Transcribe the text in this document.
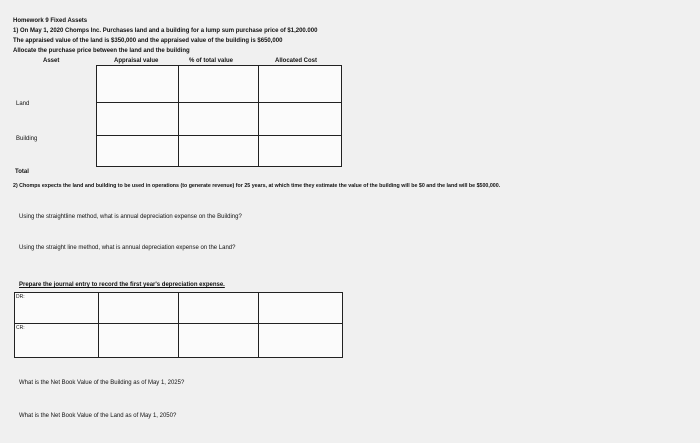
Homework 9 Fixed Assets
1) On May 1, 2020 Chomps Inc. Purchases land and a building for a lump sum purchase price of $1,200.000
The appraised value of the land is $350,000 and the appraised value of the building is $650,000
Allocate the purchase price between the land and the building
Asset	Appraisal value	% of total value	Allocated Cost
Land
Building
Total

2) Chomps expects the land and building to be used in operations (to generate revenue) for 25 years, at which time they estimate the value of the building will be $0 and the land will be $500,000.
Using the straightline method, what is annual depreciation expense on the Building?
Using the straight line method, what is annual depreciation expense on the Land?
Prepare the journal entry to record the first year's depreciation expense.
DR:			

CR:			

What is the Net Book Value of the Building as of May 1, 2025?
What is the Net Book Value of the Land as of May 1, 2050?
